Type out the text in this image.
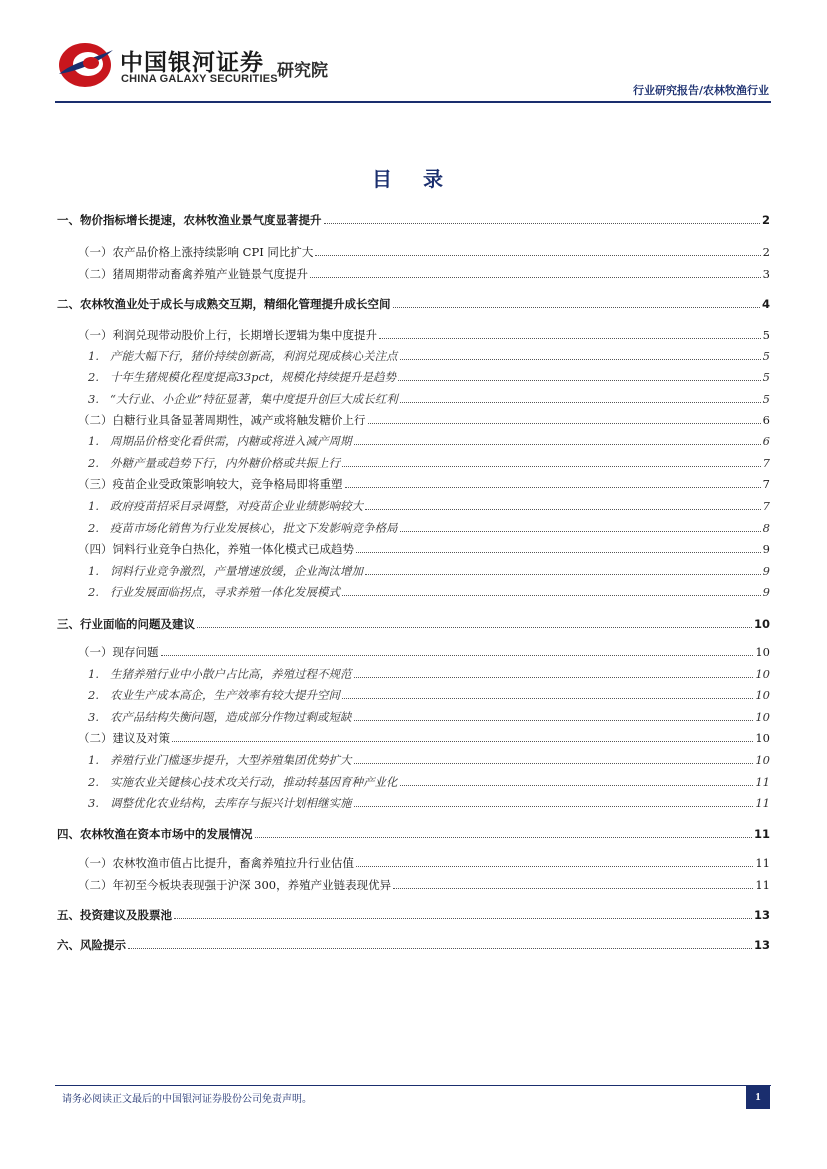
中国银河证券
CHINA GALAXY SECURITIES 研究院
行业研究报告/农林牧渔行业
目 录
一、物价指标增长提速，农林牧渔业景气度显著提升	2
（一）农产品价格上涨持续影响 CPI 同比扩大	2
（二）猪周期带动畜禽养殖产业链景气度提升	3
二、农林牧渔业处于成长与成熟交互期，精细化管理提升成长空间	4
（一）利润兑现带动股价上行，长期增长逻辑为集中度提升	5
1. 产能大幅下行，猪价持续创新高，利润兑现成核心关注点	5
2. 十年生猪规模化程度提高33pct，规模化持续提升是趋势	5
3. “大行业、小企业”特征显著，集中度提升创巨大成长红利	5
（二）白糖行业具备显著周期性，减产或将触发糖价上行	6
1. 周期品价格变化看供需，内糖或将进入减产周期	6
2. 外糖产量或趋势下行，内外糖价格或共振上行	7
（三）疫苗企业受政策影响较大，竞争格局即将重塑	7
1. 政府疫苗招采目录调整，对疫苗企业业绩影响较大	7
2. 疫苗市场化销售为行业发展核心，批文下发影响竞争格局	8
（四）饲料行业竞争白热化，养殖一体化模式已成趋势	9
1. 饲料行业竞争激烈，产量增速放缓，企业淘汰增加	9
2. 行业发展面临拐点，寻求养殖一体化发展模式	9
三、行业面临的问题及建议	10
（一）现存问题	10
1. 生猪养殖行业中小散户占比高，养殖过程不规范	10
2. 农业生产成本高企，生产效率有较大提升空间	10
3. 农产品结构失衡问题，造成部分作物过剩或短缺	10
（二）建议及对策	10
1. 养殖行业门槛逐步提升，大型养殖集团优势扩大	10
2. 实施农业关键核心技术攻关行动，推动转基因育种产业化	11
3. 调整优化农业结构，去库存与振兴计划相继实施	11
四、农林牧渔在资本市场中的发展情况	11
（一）农林牧渔市值占比提升，畜禽养殖拉升行业估值	11
（二）年初至今板块表现强于沪深 300，养殖产业链表现优异	11
五、投资建议及股票池	13
六、风险提示	13
请务必阅读正文最后的中国银河证券股份公司免责声明。	1
